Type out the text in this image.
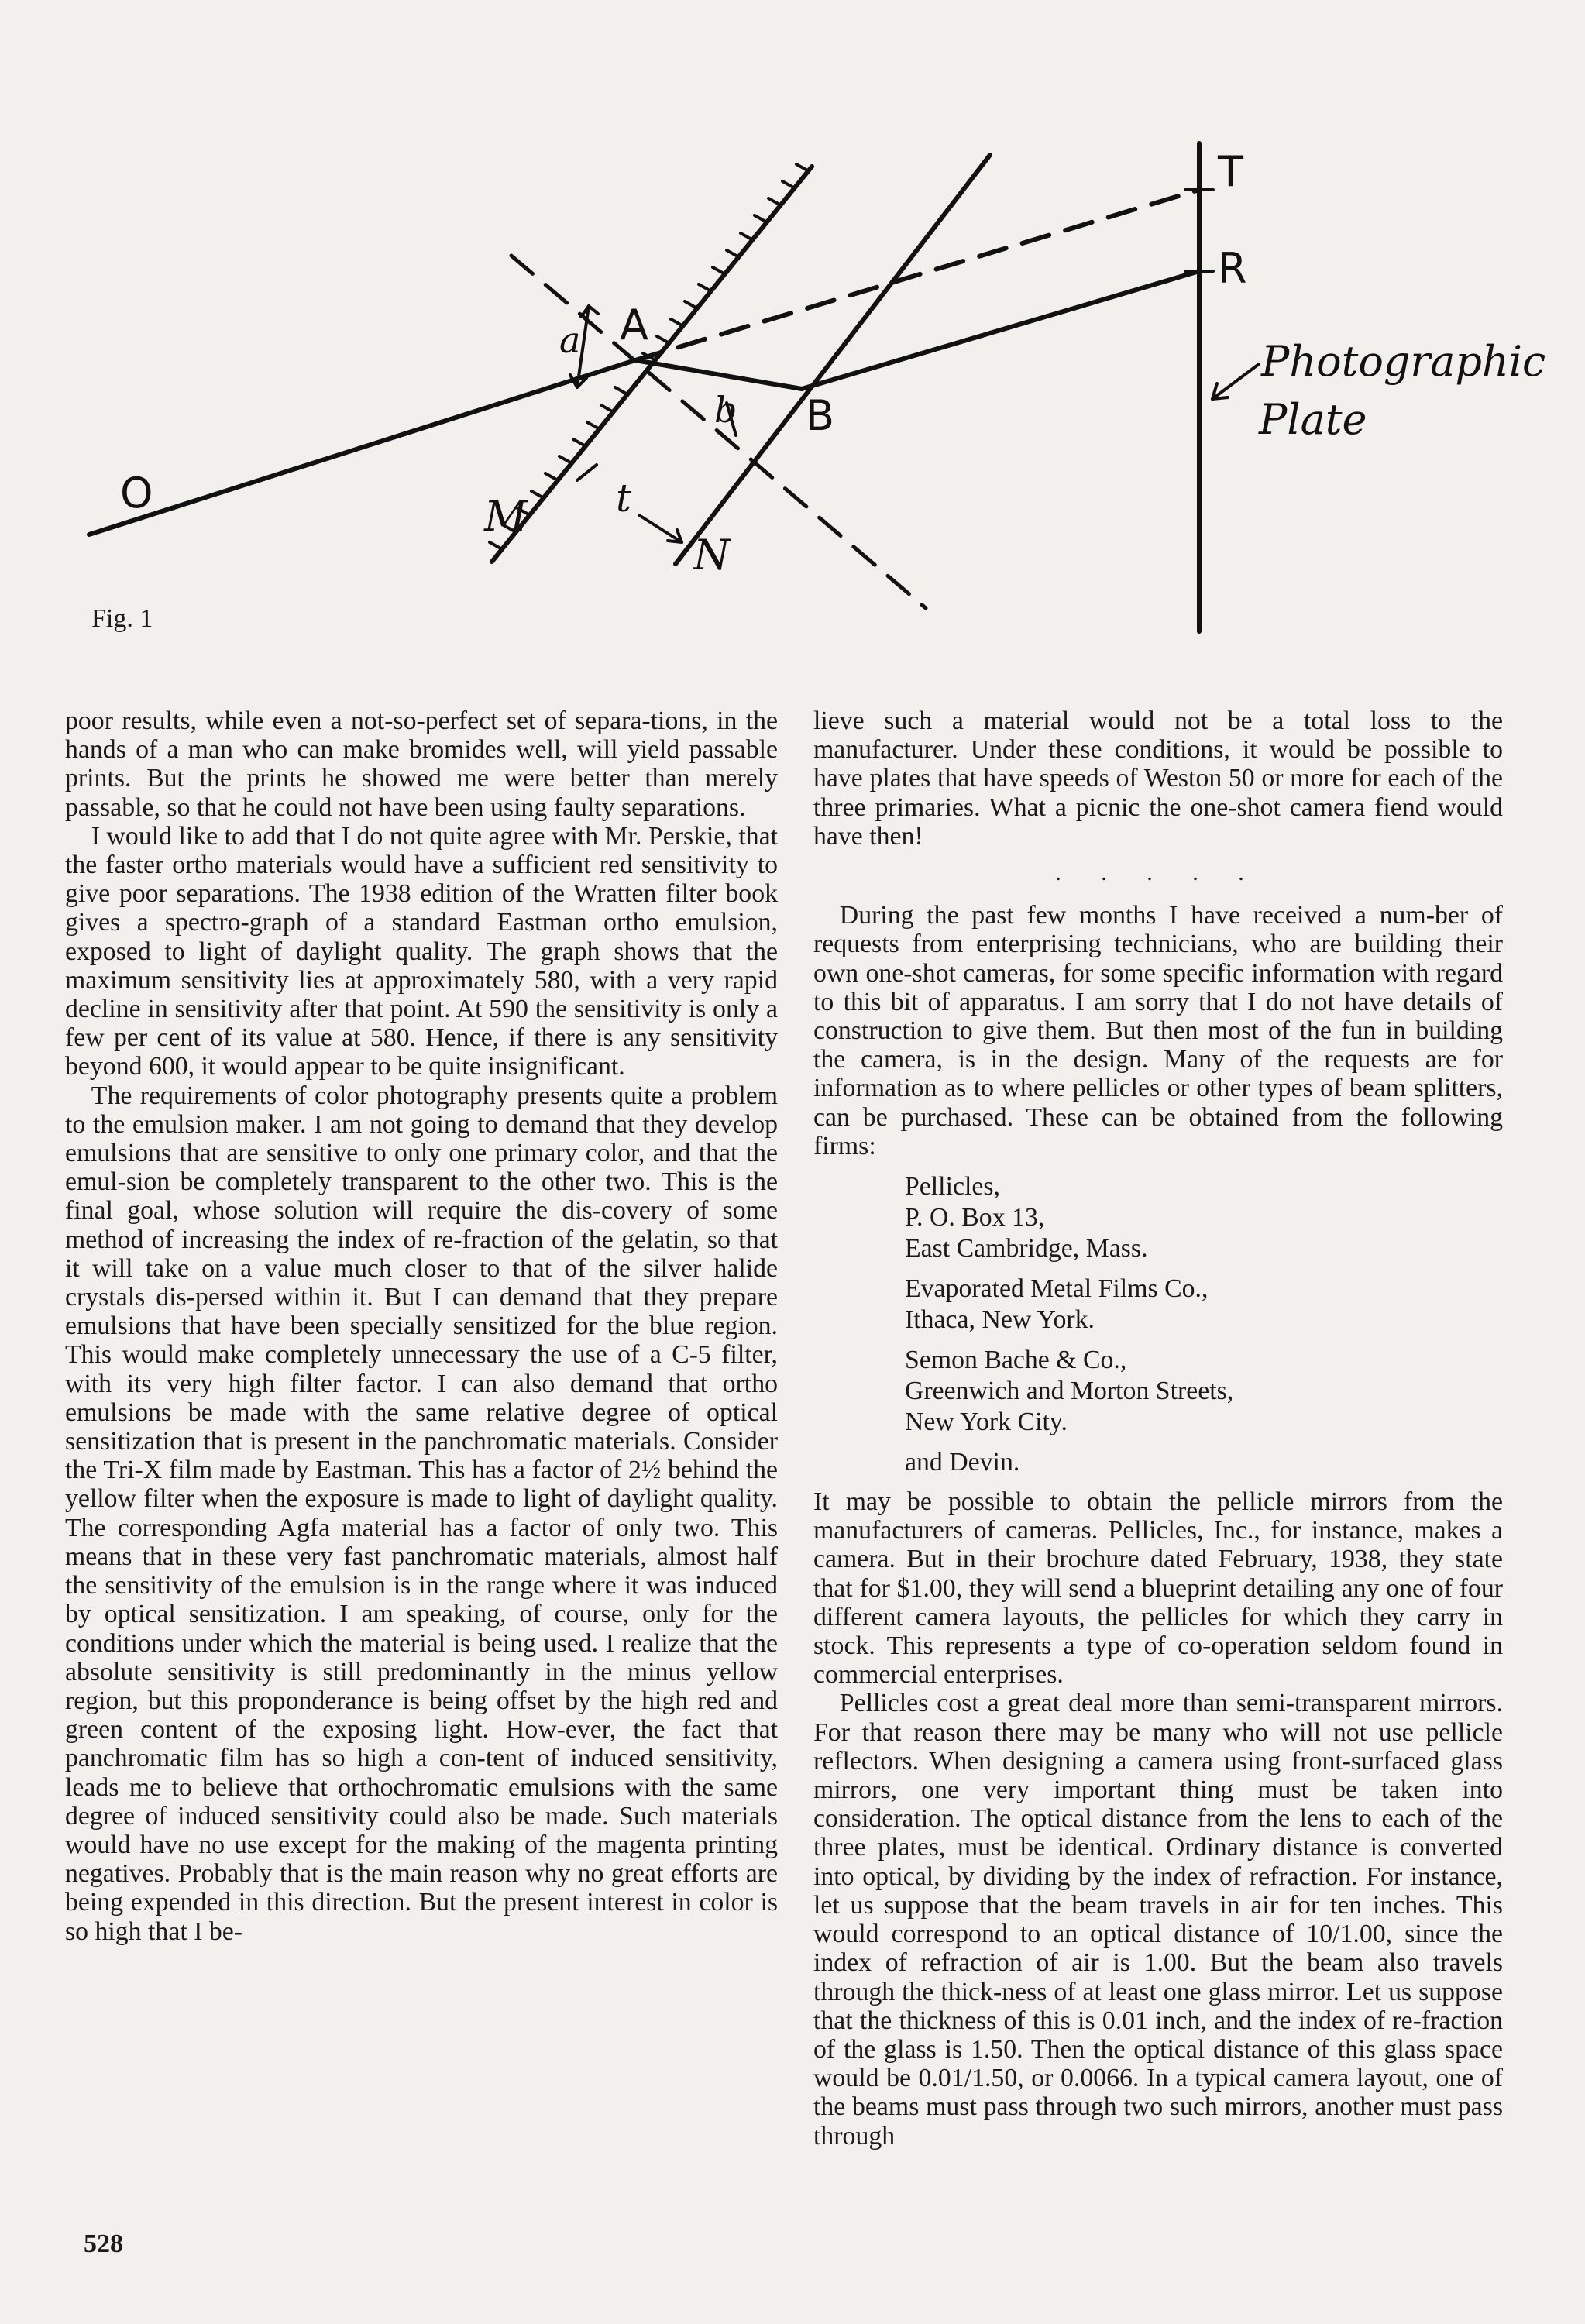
O
A
B
M
N
T
R
a
b
t
Photographic
Plate
Fig. 1

poor results, while even a not-so-perfect set of separa-tions, in the hands of a man who can make bromides well, will yield passable prints. But the prints he showed me were better than merely passable, so that he could not have been using faulty separations.

I would like to add that I do not quite agree with Mr. Perskie, that the faster ortho materials would have a sufficient red sensitivity to give poor separations. The 1938 edition of the Wratten filter book gives a spectro-graph of a standard Eastman ortho emulsion, exposed to light of daylight quality. The graph shows that the maximum sensitivity lies at approximately 580, with a very rapid decline in sensitivity after that point. At 590 the sensitivity is only a few per cent of its value at 580. Hence, if there is any sensitivity beyond 600, it would appear to be quite insignificant.

The requirements of color photography presents quite a problem to the emulsion maker. I am not going to demand that they develop emulsions that are sensitive to only one primary color, and that the emul-sion be completely transparent to the other two. This is the final goal, whose solution will require the dis-covery of some method of increasing the index of re-fraction of the gelatin, so that it will take on a value much closer to that of the silver halide crystals dis-persed within it. But I can demand that they prepare emulsions that have been specially sensitized for the blue region. This would make completely unnecessary the use of a C-5 filter, with its very high filter factor. I can also demand that ortho emulsions be made with the same relative degree of optical sensitization that is present in the panchromatic materials. Consider the Tri-X film made by Eastman. This has a factor of 2½ behind the yellow filter when the exposure is made to light of daylight quality. The corresponding Agfa material has a factor of only two. This means that in these very fast panchromatic materials, almost half the sensitivity of the emulsion is in the range where it was induced by optical sensitization. I am speaking, of course, only for the conditions under which the material is being used. I realize that the absolute sensitivity is still predominantly in the minus yellow region, but this proponderance is being offset by the high red and green content of the exposing light. How-ever, the fact that panchromatic film has so high a con-tent of induced sensitivity, leads me to believe that orthochromatic emulsions with the same degree of induced sensitivity could also be made. Such materials would have no use except for the making of the magenta printing negatives. Probably that is the main reason why no great efforts are being expended in this direction. But the present interest in color is so high that I be-

lieve such a material would not be a total loss to the manufacturer. Under these conditions, it would be possible to have plates that have speeds of Weston 50 or more for each of the three primaries. What a picnic the one-shot camera fiend would have then!

. . . . .

During the past few months I have received a num-ber of requests from enterprising technicians, who are building their own one-shot cameras, for some specific information with regard to this bit of apparatus. I am sorry that I do not have details of construction to give them. But then most of the fun in building the camera, is in the design. Many of the requests are for information as to where pellicles or other types of beam splitters, can be purchased. These can be obtained from the following firms:

Pellicles,
P. O. Box 13,
East Cambridge, Mass.
Evaporated Metal Films Co.,
Ithaca, New York.
Semon Bache & Co.,
Greenwich and Morton Streets,
New York City.
and Devin.

It may be possible to obtain the pellicle mirrors from the manufacturers of cameras. Pellicles, Inc., for instance, makes a camera. But in their brochure dated February, 1938, they state that for $1.00, they will send a blueprint detailing any one of four different camera layouts, the pellicles for which they carry in stock. This represents a type of co-operation seldom found in commercial enterprises.

Pellicles cost a great deal more than semi-transparent mirrors. For that reason there may be many who will not use pellicle reflectors. When designing a camera using front-surfaced glass mirrors, one very important thing must be taken into consideration. The optical distance from the lens to each of the three plates, must be identical. Ordinary distance is converted into optical, by dividing by the index of refraction. For instance, let us suppose that the beam travels in air for ten inches. This would correspond to an optical distance of 10/1.00, since the index of refraction of air is 1.00. But the beam also travels through the thick-ness of at least one glass mirror. Let us suppose that the thickness of this is 0.01 inch, and the index of re-fraction of the glass is 1.50. Then the optical distance of this glass space would be 0.01/1.50, or 0.0066. In a typical camera layout, one of the beams must pass through two such mirrors, another must pass through

528
